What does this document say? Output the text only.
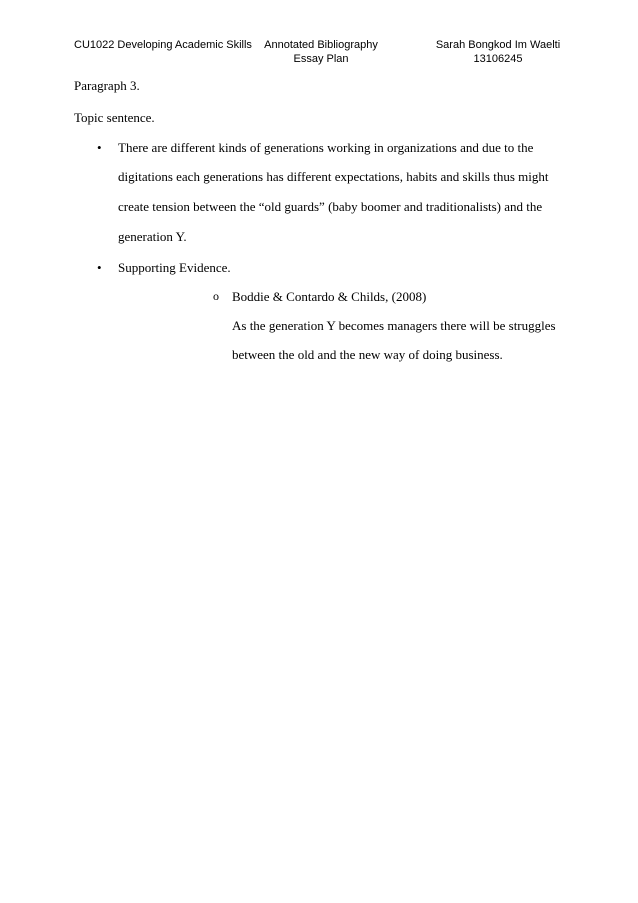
CU1022 Developing Academic Skills	Annotated Bibliography
Essay Plan
Sarah Bongkod Im Waelti
13106245
Paragraph 3.
Topic sentence.
• There are different kinds of generations working in organizations and due to the
digitations each generations has different expectations, habits and skills thus might
create tension between the “old guards” (baby boomer and traditionalists) and the
generation Y.
• Supporting Evidence.
o Boddie & Contardo & Childs, (2008)
As the generation Y becomes managers there will be struggles
between the old and the new way of doing business.
